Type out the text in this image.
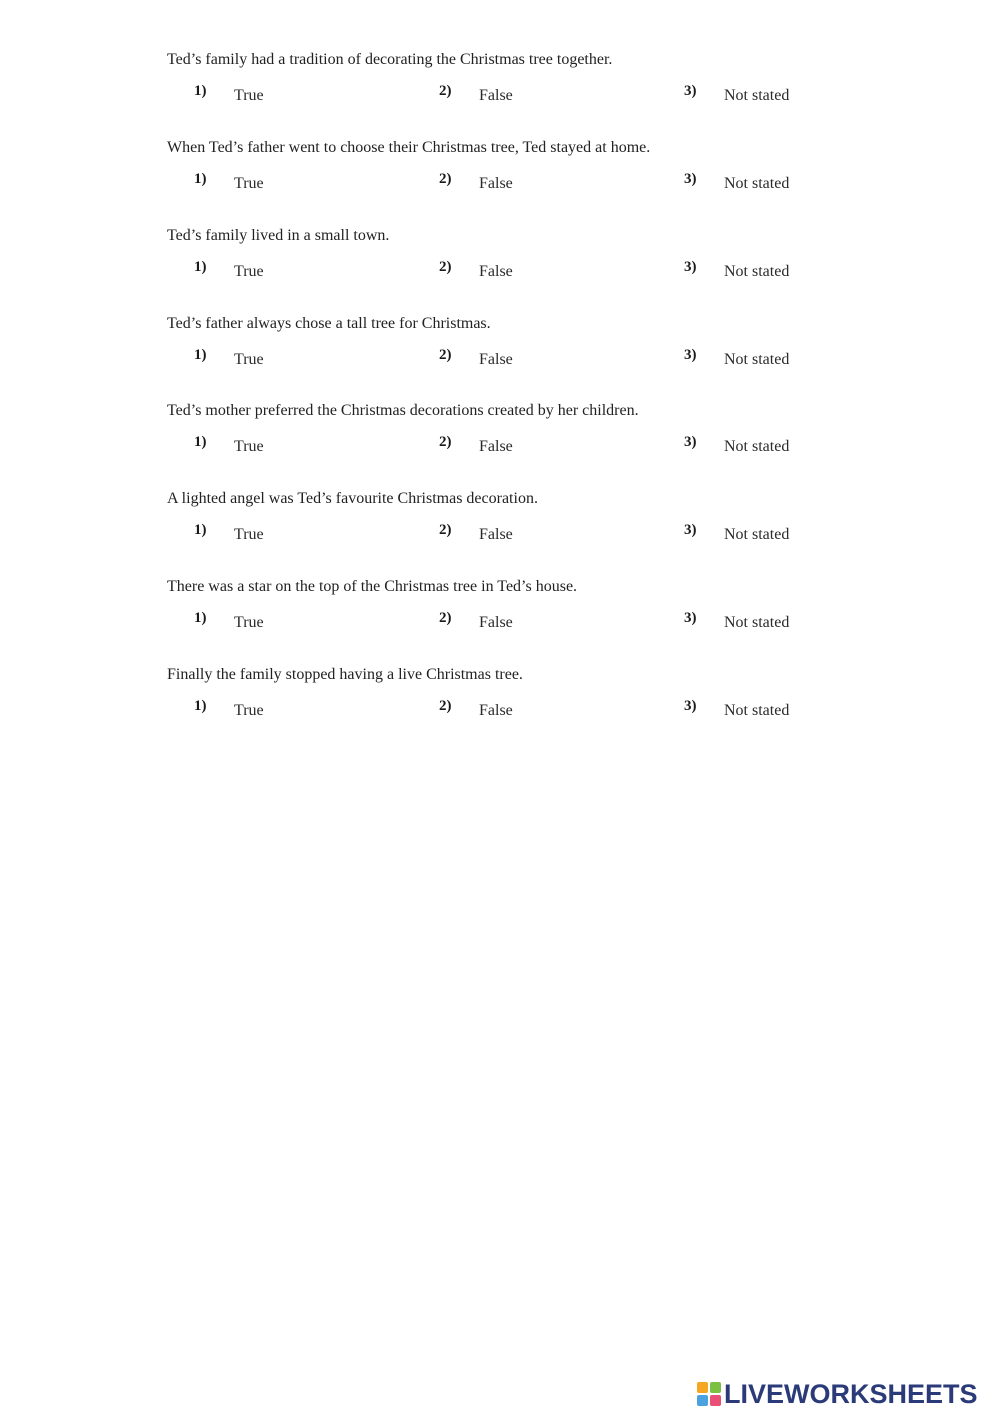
Ted’s family had a tradition of decorating the Christmas tree together.
1) True	2) False	3) Not stated
When Ted’s father went to choose their Christmas tree, Ted stayed at home.
1) True	2) False	3) Not stated
Ted’s family lived in a small town.
1) True	2) False	3) Not stated
Ted’s father always chose a tall tree for Christmas.
1) True	2) False	3) Not stated
Ted’s mother preferred the Christmas decorations created by her children.
1) True	2) False	3) Not stated
A lighted angel was Ted’s favourite Christmas decoration.
1) True	2) False	3) Not stated
There was a star on the top of the Christmas tree in Ted’s house.
1) True	2) False	3) Not stated
Finally the family stopped having a live Christmas tree.
1) True	2) False	3) Not stated
LIVEWORKSHEETS
